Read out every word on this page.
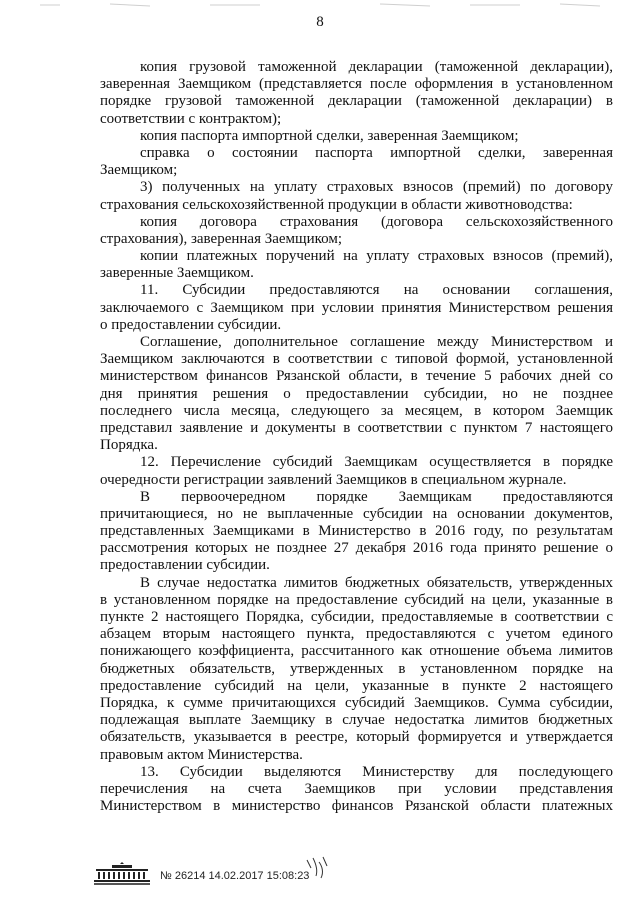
8
копия грузовой таможенной декларации (таможенной декларации),
заверенная Заемщиком (представляется после оформления в установленном
порядке грузовой таможенной декларации (таможенной декларации) в
соответствии с контрактом);
копия паспорта импортной сделки, заверенная Заемщиком;
справка о состоянии паспорта импортной сделки, заверенная
Заемщиком;
3) полученных на уплату страховых взносов (премий) по договору
страхования сельскохозяйственной продукции в области животноводства:
копия договора страхования (договора сельскохозяйственного
страхования), заверенная Заемщиком;
копии платежных поручений на уплату страховых взносов (премий),
заверенные Заемщиком.
11. Субсидии предоставляются на основании соглашения,
заключаемого с Заемщиком при условии принятия Министерством решения
о предоставлении субсидии.
Соглашение, дополнительное соглашение между Министерством и
Заемщиком заключаются в соответствии с типовой формой, установленной
министерством финансов Рязанской области, в течение 5 рабочих дней со
дня принятия решения о предоставлении субсидии, но не позднее
последнего числа месяца, следующего за месяцем, в котором Заемщик
представил заявление и документы в соответствии с пунктом 7 настоящего
Порядка.
12. Перечисление субсидий Заемщикам осуществляется в порядке
очередности регистрации заявлений Заемщиков в специальном журнале.
В первоочередном порядке Заемщикам предоставляются
причитающиеся, но не выплаченные субсидии на основании документов,
представленных Заемщиками в Министерство в 2016 году, по результатам
рассмотрения которых не позднее 27 декабря 2016 года принято решение о
предоставлении субсидии.
В случае недостатка лимитов бюджетных обязательств, утвержденных
в установленном порядке на предоставление субсидий на цели, указанные в
пункте 2 настоящего Порядка, субсидии, предоставляемые в соответствии с
абзацем вторым настоящего пункта, предоставляются с учетом единого
понижающего коэффициента, рассчитанного как отношение объема лимитов
бюджетных обязательств, утвержденных в установленном порядке на
предоставление субсидий на цели, указанные в пункте 2 настоящего
Порядка, к сумме причитающихся субсидий Заемщиков. Сумма субсидии,
подлежащая выплате Заемщику в случае недостатка лимитов бюджетных
обязательств, указывается в реестре, который формируется и утверждается
правовым актом Министерства.
13. Субсидии выделяются Министерству для последующего
перечисления на счета Заемщиков при условии представления
Министерством в министерство финансов Рязанской области платежных
№ 26214 14.02.2017 15:08:23
